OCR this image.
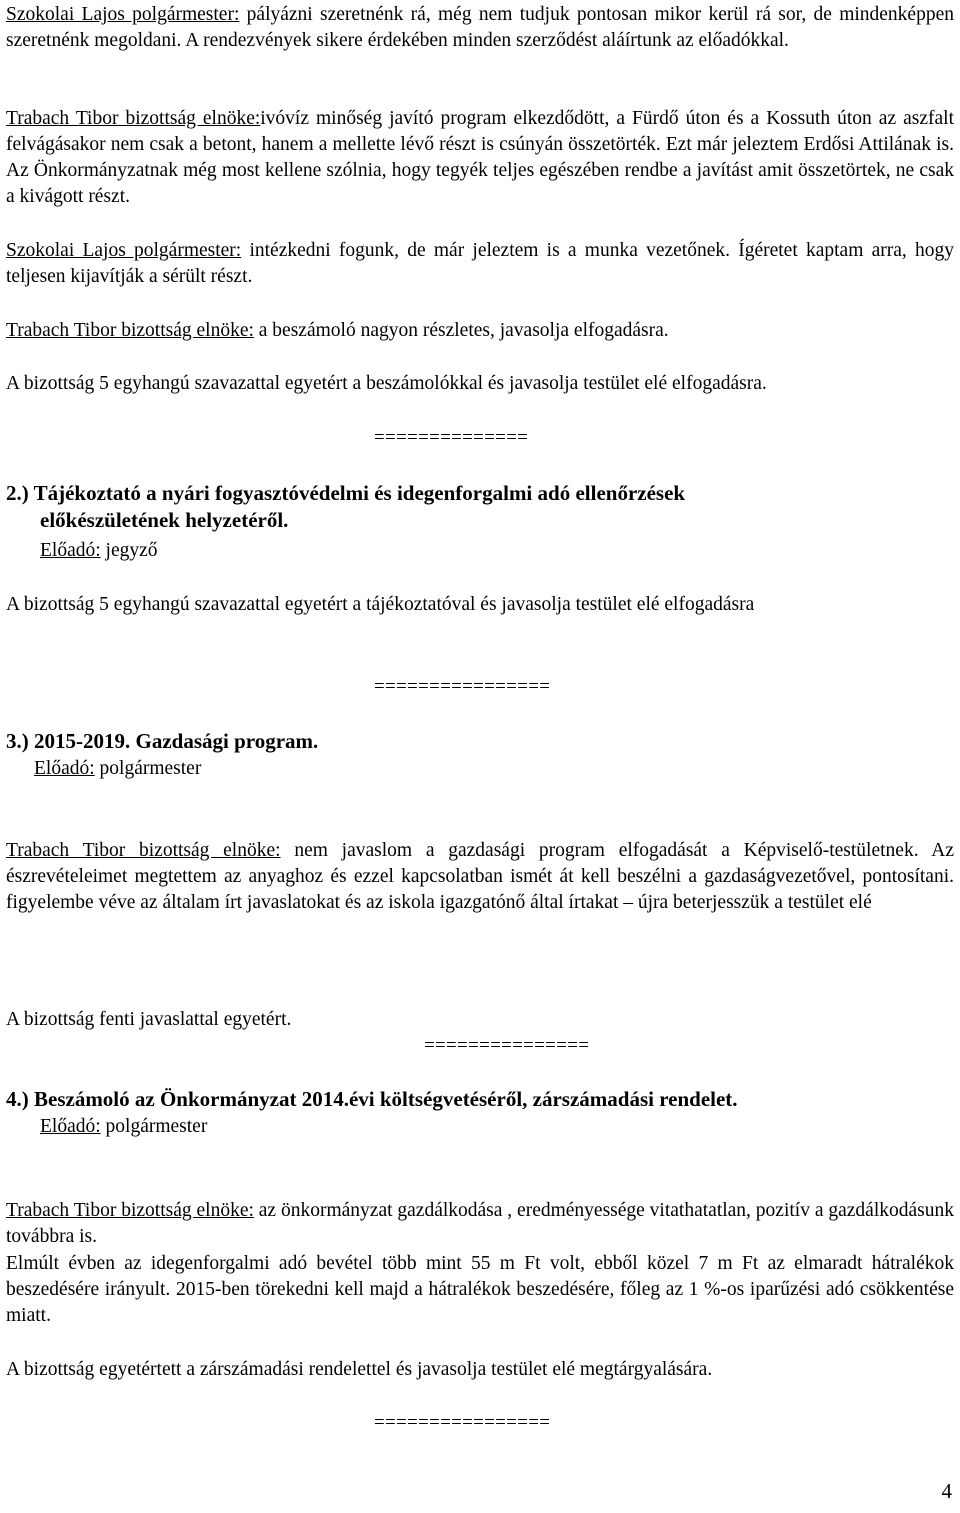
Szokolai Lajos polgármester: pályázni szeretnénk rá, még nem tudjuk pontosan mikor kerül rá sor, de mindenképpen szeretnénk megoldani. A rendezvények sikere érdekében minden szerződést aláírtunk az előadókkal.

Trabach Tibor bizottság elnöke:ivóvíz minőség javító program elkezdődött, a Fürdő úton és a Kossuth úton az aszfalt felvágásakor nem csak a betont, hanem a mellette lévő részt is csúnyán összetörték. Ezt már jeleztem Erdősi Attilának is. Az Önkormányzatnak még most kellene szólnia, hogy tegyék teljes egészében rendbe a javítást amit összetörtek, ne csak a kivágott részt.

Szokolai Lajos polgármester: intézkedni fogunk, de már jeleztem is a munka vezetőnek. Ígéretet kaptam arra, hogy teljesen kijavítják a sérült részt.

Trabach Tibor bizottság elnöke: a beszámoló nagyon részletes, javasolja elfogadásra.

A bizottság 5 egyhangú szavazattal egyetért a beszámolókkal és javasolja testület elé elfogadásra.

==============
2.) Tájékoztató a nyári fogyasztóvédelmi és idegenforgalmi adó ellenőrzések
előkészületének helyzetéről.
Előadó: jegyző

A bizottság 5 egyhangú szavazattal egyetért a tájékoztatóval és javasolja testület elé elfogadásra

================
3.) 2015-2019. Gazdasági program.
Előadó: polgármester

Trabach Tibor bizottság elnöke: nem javaslom a gazdasági program elfogadását a Képviselő-testületnek. Az észrevételeimet megtettem az anyaghoz és ezzel kapcsolatban ismét át kell beszélni a gazdaságvezetővel, pontosítani. figyelembe véve az általam írt javaslatokat és az iskola igazgatónő által írtakat – újra beterjesszük a testület elé

A bizottság fenti javaslattal egyetért.

===============
4.) Beszámoló az Önkormányzat 2014.évi költségvetéséről, zárszámadási rendelet.
Előadó: polgármester

Trabach Tibor bizottság elnöke: az önkormányzat gazdálkodása , eredményessége vitathatatlan, pozitív a gazdálkodásunk továbbra is.

Elmúlt évben az idegenforgalmi adó bevétel több mint 55 m Ft volt, ebből közel 7 m Ft az elmaradt hátralékok beszedésére irányult. 2015-ben törekedni kell majd a hátralékok beszedésére, főleg az 1 %-os iparűzési adó csökkentése miatt.

A bizottság egyetértett a zárszámadási rendelettel és javasolja testület elé megtárgyalására.

================
4
